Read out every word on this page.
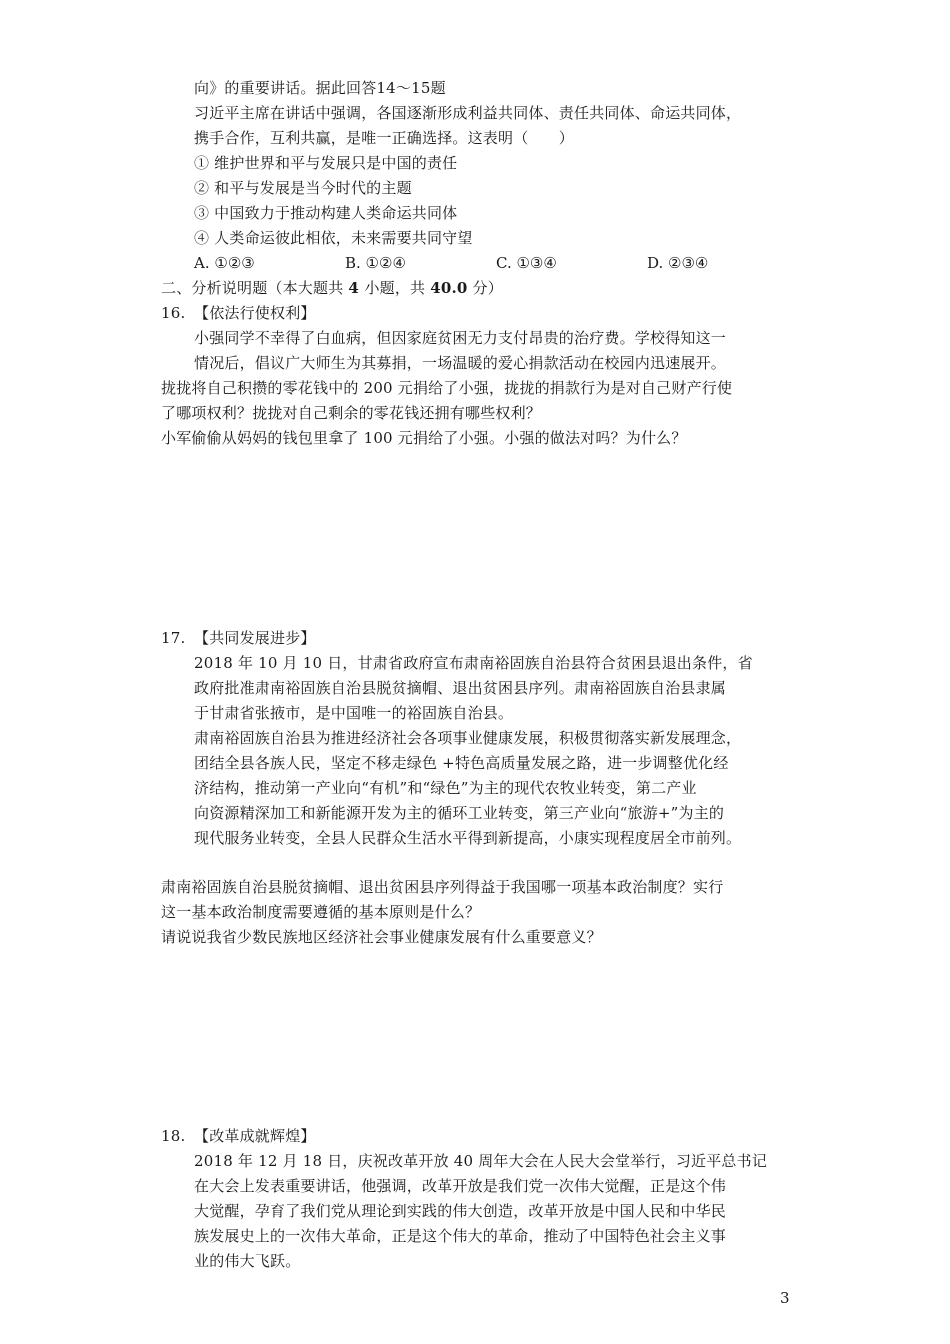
向》的重要讲话。据此回答14～15题
习近平主席在讲话中强调，各国逐渐形成利益共同体、责任共同体、命运共同体，
携手合作，互利共赢，是唯一正确选择。这表明（　　）
① 维护世界和平与发展只是中国的责任
② 和平与发展是当今时代的主题
③ 中国致力于推动构建人类命运共同体
④ 人类命运彼此相依，未来需要共同守望
A. ①②③	B. ①②④	C. ①③④	D. ②③④
二、分析说明题（本大题共 4 小题，共 40.0 分）
16. 【依法行使权利】
小强同学不幸得了白血病，但因家庭贫困无力支付昂贵的治疗费。学校得知这一
情况后，倡议广大师生为其募捐，一场温暖的爱心捐款活动在校园内迅速展开。
拢拢将自己积攒的零花钱中的 200 元捐给了小强，拢拢的捐款行为是对自己财产行使
了哪项权利？拢拢对自己剩余的零花钱还拥有哪些权利？
小军偷偷从妈妈的钱包里拿了 100 元捐给了小强。小强的做法对吗？为什么？
17. 【共同发展进步】
2018 年 10 月 10 日，甘肃省政府宣布肃南裕固族自治县符合贫困县退出条件，省
政府批准肃南裕固族自治县脱贫摘帽、退出贫困县序列。肃南裕固族自治县隶属
于甘肃省张掖市，是中国唯一的裕固族自治县。
肃南裕固族自治县为推进经济社会各项事业健康发展，积极贯彻落实新发展理念，
团结全县各族人民，坚定不移走绿色 +特色高质量发展之路，进一步调整优化经
济结构，推动第一产业向“有机”和“绿色”为主的现代农牧业转变，第二产业
向资源精深加工和新能源开发为主的循环工业转变，第三产业向“旅游+”为主的
现代服务业转变，全县人民群众生活水平得到新提高，小康实现程度居全市前列。
肃南裕固族自治县脱贫摘帽、退出贫困县序列得益于我国哪一项基本政治制度？实行
这一基本政治制度需要遵循的基本原则是什么？
请说说我省少数民族地区经济社会事业健康发展有什么重要意义？
18. 【改革成就辉煌】
2018 年 12 月 18 日，庆祝改革开放 40 周年大会在人民大会堂举行，习近平总书记
在大会上发表重要讲话，他强调，改革开放是我们党一次伟大觉醒，正是这个伟
大觉醒，孕育了我们党从理论到实践的伟大创造，改革开放是中国人民和中华民
族发展史上的一次伟大革命，正是这个伟大的革命，推动了中国特色社会主义事
业的伟大飞跃。
3
